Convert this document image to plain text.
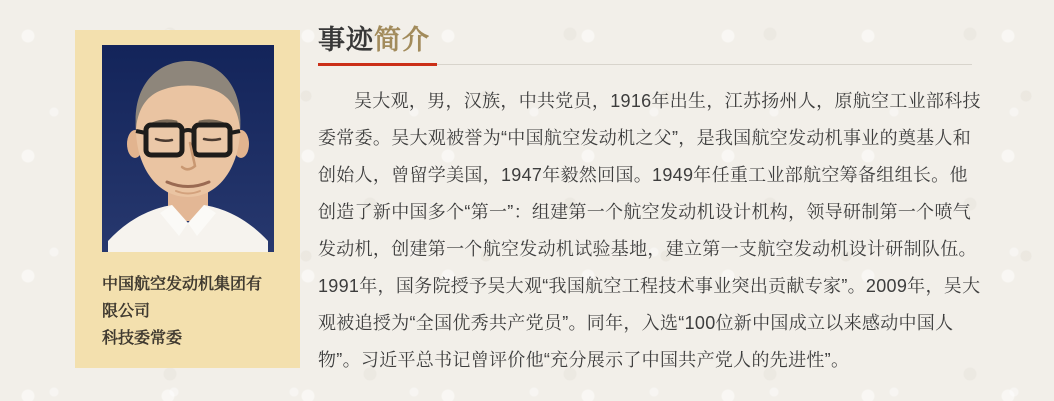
中国航空发动机集团有限公司
科技委常委
事迹简介

吴大观，男，汉族，中共党员，1916年出生，江苏扬州人，原航空工业部科技委常委。吴大观被誉为“中国航空发动机之父”，是我国航空发动机事业的奠基人和创始人，曾留学美国，1947年毅然回国。1949年任重工业部航空筹备组组长。他创造了新中国多个“第一”：组建第一个航空发动机设计机构，领导研制第一个喷气发动机，创建第一个航空发动机试验基地，建立第一支航空发动机设计研制队伍。1991年，国务院授予吴大观“我国航空工程技术事业突出贡献专家”。2009年，吴大观被追授为“全国优秀共产党员”。同年，入选“100位新中国成立以来感动中国人物”。习近平总书记曾评价他“充分展示了中国共产党人的先进性”。
